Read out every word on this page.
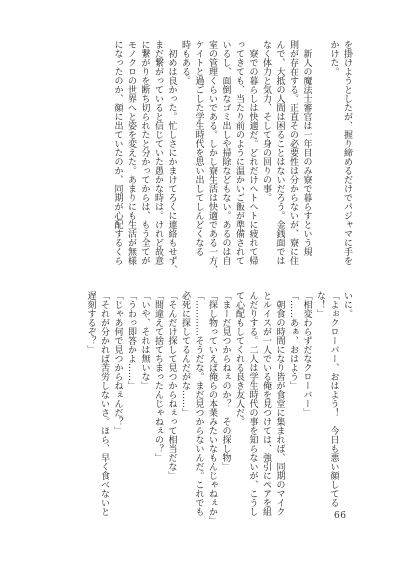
を掛けようとしたが、握り締めるだけでパジャマに手を
かけた。
　新人の魔法士審官は一年目のみ寮で暮らすという規
則が存在する。正直その必要性は分からないが、寮に住
んで、大抵の人間は困ることはないだろう。金銭面では
なく体力と気力、そして身の回りの事。
　寮での暮らしは快適だ。どれだけヘトヘトに疲れて帰
ってきても、当たり前のように温かいご飯が準備されて
いるし、面倒なゴミ出しや掃除などもない。あるのは自
室の管理くらいである。しかし寮生活は快適である一方、
ケイトと過ごした学生時代を思い出してしんどくなる
時もある。
　初めは良かった。忙しさにかまけてろくに連絡もせず、
まだ繋がっていると信じていた愚かな時は。けれど故意
に繋がりを断ち切られたと分かってからは、もう全てが
モノクロの世界へと姿を変えた。あまりにも生活が無様
になったのか、顔に出ていたのか、同期が心配するくら
いに。
「よぉクローバー、おはよう！　今日も悪い顔してる
な！」
「相変わらずだなクローバー」
「……あぁ、おはよう」
　朝食の時間になり皆が食堂に集まれば、同期のマイク
とルイスが一人でいる俺を見つけては、強引にペアを組
んだりする。二人は学生時代の事を知らないが、こうし
て心配もしてくれる良き友人だ。
「まーだ見つからねぇのか？　その探し物」
「探し物っていえば俺らの本業みたいなもんじゃねぇか」
「…………そうだな。まだ見つからないんだ。これでも
必死に探してるんだがな……」
「そんだけ探して見つからねぇって相当だな」
「間違えて捨てちまったんじゃねぇの？」
「いや、それは無いな」
「うわっ即答かよ……」
「じゃあ何で見つからねぇんだ？」
「それが分かれば苦労しないさ。ほら、早く食べないと
遅刻するぞ？」
66
